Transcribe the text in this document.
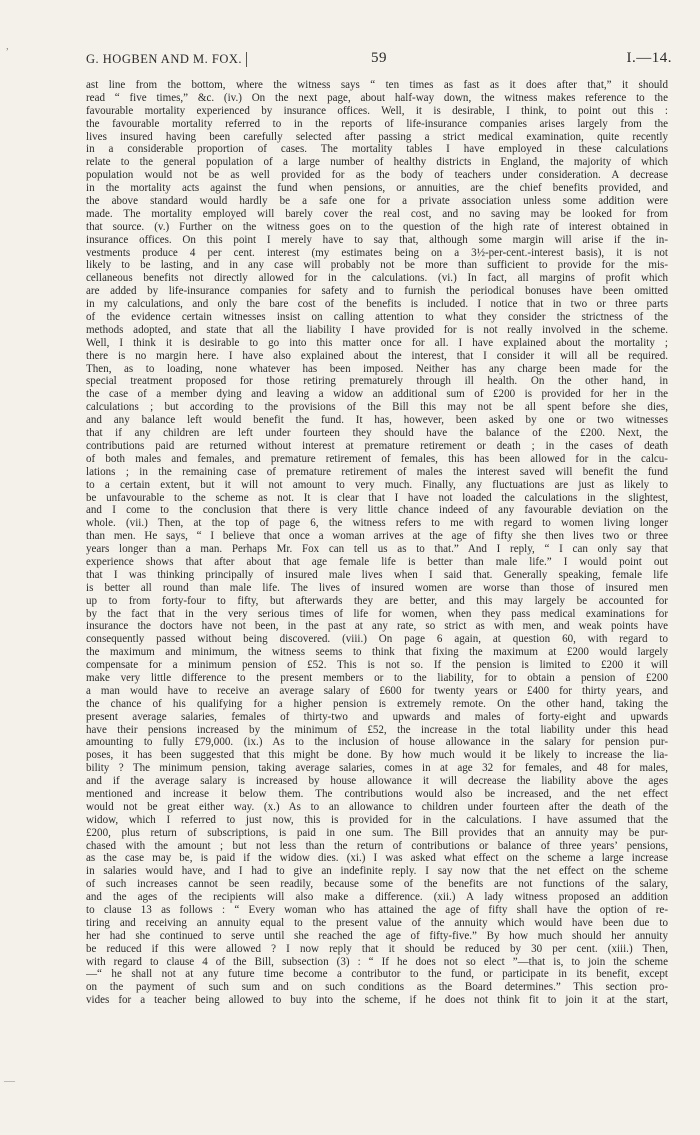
,
—
G. HOGBEN AND M. FOX.	59	I.—14.
ast line from the bottom, where the witness says “ ten times as fast as it does after that,” it should
read “ five times,” &c. (iv.) On the next page, about half-way down, the witness makes reference to the
favourable mortality experienced by insurance offices. Well, it is desirable, I think, to point out this :
the favourable mortality referred to in the reports of life-insurance companies arises largely from the
lives insured having been carefully selected after passing a strict medical examination, quite recently
in a considerable proportion of cases. The mortality tables I have employed in these calculations
relate to the general population of a large number of healthy districts in England, the majority of which
population would not be as well provided for as the body of teachers under consideration. A decrease
in the mortality acts against the fund when pensions, or annuities, are the chief benefits provided, and
the above standard would hardly be a safe one for a private association unless some addition were
made. The mortality employed will barely cover the real cost, and no saving may be looked for from
that source. (v.) Further on the witness goes on to the question of the high rate of interest obtained in
insurance offices. On this point I merely have to say that, although some margin will arise if the in-
vestments produce 4 per cent. interest (my estimates being on a 3½-per-cent.-interest basis), it is not
likely to be lasting, and in any case will probably not be more than sufficient to provide for the mis-
cellaneous benefits not directly allowed for in the calculations. (vi.) In fact, all margins of profit which
are added by life-insurance companies for safety and to furnish the periodical bonuses have been omitted
in my calculations, and only the bare cost of the benefits is included. I notice that in two or three parts
of the evidence certain witnesses insist on calling attention to what they consider the strictness of the
methods adopted, and state that all the liability I have provided for is not really involved in the scheme.
Well, I think it is desirable to go into this matter once for all. I have explained about the mortality ;
there is no margin here. I have also explained about the interest, that I consider it will all be required.
Then, as to loading, none whatever has been imposed. Neither has any charge been made for the
special treatment proposed for those retiring prematurely through ill health. On the other hand, in
the case of a member dying and leaving a widow an additional sum of £200 is provided for her in the
calculations ; but according to the provisions of the Bill this may not be all spent before she dies,
and any balance left would benefit the fund. It has, however, been asked by one or two witnesses
that if any children are left under fourteen they should have the balance of the £200. Next, the
contributions paid are returned without interest at premature retirement or death ; in the cases of death
of both males and females, and premature retirement of females, this has been allowed for in the calcu-
lations ; in the remaining case of premature retirement of males the interest saved will benefit the fund
to a certain extent, but it will not amount to very much. Finally, any fluctuations are just as likely to
be unfavourable to the scheme as not. It is clear that I have not loaded the calculations in the slightest,
and I come to the conclusion that there is very little chance indeed of any favourable deviation on the
whole. (vii.) Then, at the top of page 6, the witness refers to me with regard to women living longer
than men. He says, “ I believe that once a woman arrives at the age of fifty she then lives two or three
years longer than a man. Perhaps Mr. Fox can tell us as to that.” And I reply, “ I can only say that
experience shows that after about that age female life is better than male life.” I would point out
that I was thinking principally of insured male lives when I said that. Generally speaking, female life
is better all round than male life. The lives of insured women are worse than those of insured men
up to from forty-four to fifty, but afterwards they are better, and this may largely be accounted for
by the fact that in the very serious times of life for women, when they pass medical examinations for
insurance the doctors have not been, in the past at any rate, so strict as with men, and weak points have
consequently passed without being discovered. (viii.) On page 6 again, at question 60, with regard to
the maximum and minimum, the witness seems to think that fixing the maximum at £200 would largely
compensate for a minimum pension of £52. This is not so. If the pension is limited to £200 it will
make very little difference to the present members or to the liability, for to obtain a pension of £200
a man would have to receive an average salary of £600 for twenty years or £400 for thirty years, and
the chance of his qualifying for a higher pension is extremely remote. On the other hand, taking the
present average salaries, females of thirty-two and upwards and males of forty-eight and upwards
have their pensions increased by the minimum of £52, the increase in the total liability under this head
amounting to fully £79,000. (ix.) As to the inclusion of house allowance in the salary for pension pur-
poses, it has been suggested that this might be done. By how much would it be likely to increase the lia-
bility ? The minimum pension, taking average salaries, comes in at age 32 for females, and 48 for males,
and if the average salary is increased by house allowance it will decrease the liability above the ages
mentioned and increase it below them. The contributions would also be increased, and the net effect
would not be great either way. (x.) As to an allowance to children under fourteen after the death of the
widow, which I referred to just now, this is provided for in the calculations. I have assumed that the
£200, plus return of subscriptions, is paid in one sum. The Bill provides that an annuity may be pur-
chased with the amount ; but not less than the return of contributions or balance of three years’ pensions,
as the case may be, is paid if the widow dies. (xi.) I was asked what effect on the scheme a large increase
in salaries would have, and I had to give an indefinite reply. I say now that the net effect on the scheme
of such increases cannot be seen readily, because some of the benefits are not functions of the salary,
and the ages of the recipients will also make a difference. (xii.) A lady witness proposed an addition
to clause 13 as follows : “ Every woman who has attained the age of fifty shall have the option of re-
tiring and receiving an annuity equal to the present value of the annuity which would have been due to
her had she continued to serve until she reached the age of fifty-five.” By how much should her annuity
be reduced if this were allowed ? I now reply that it should be reduced by 30 per cent. (xiii.) Then,
with regard to clause 4 of the Bill, subsection (3) : “ If he does not so elect ”—that is, to join the scheme
—“ he shall not at any future time become a contributor to the fund, or participate in its benefit, except
on the payment of such sum and on such conditions as the Board determines.” This section pro-
vides for a teacher being allowed to buy into the scheme, if he does not think fit to join it at the start,
